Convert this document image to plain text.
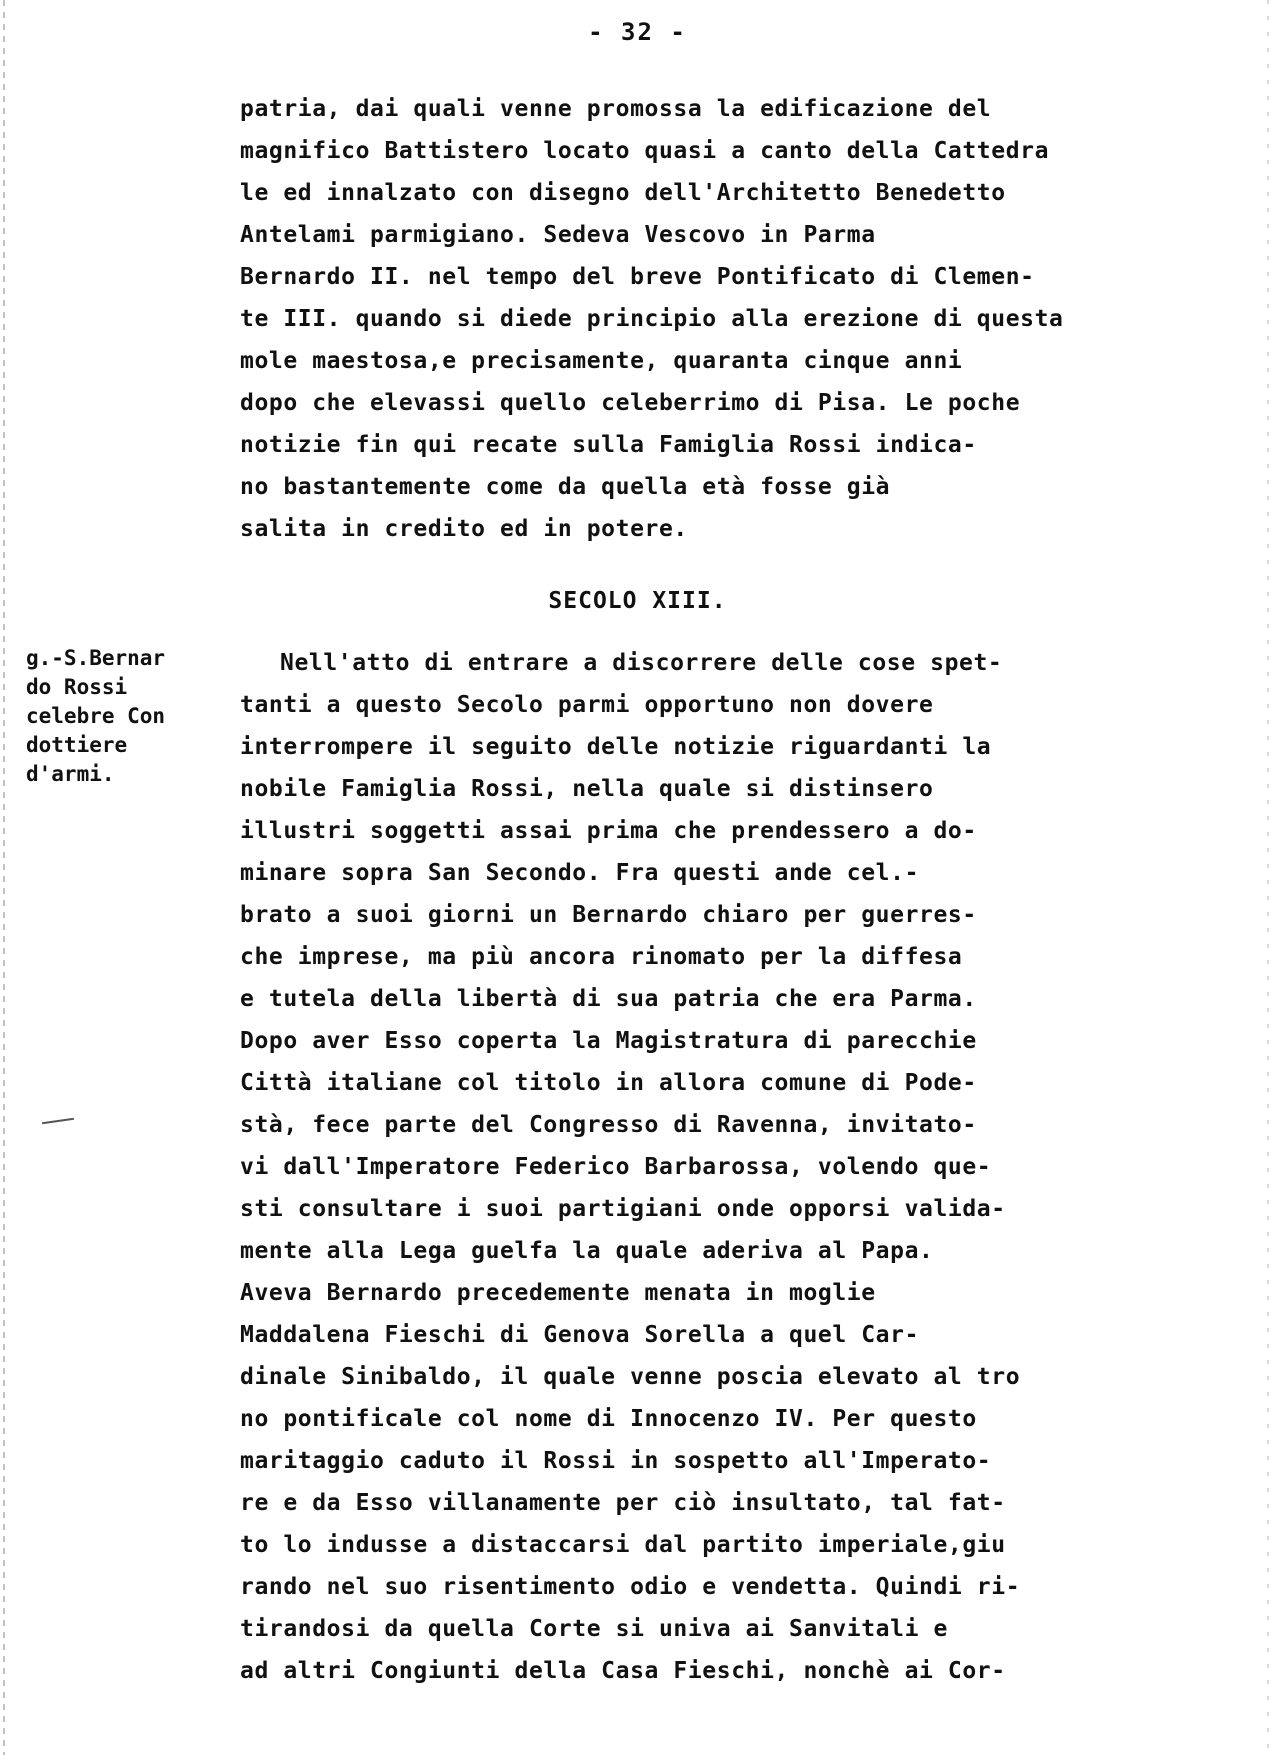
- 32 -
patria, dai quali venne promossa la edificazione del
magnifico Battistero locato quasi a canto della Cattedra
le ed innalzato con disegno dell'Architetto Benedetto
Antelami parmigiano. Sedeva Vescovo in Parma
Bernardo II. nel tempo del breve Pontificato di Clemen-
te III. quando si diede principio alla erezione di questa
mole maestosa,e precisamente, quaranta cinque anni
dopo che elevassi quello celeberrimo di Pisa. Le poche
notizie fin qui recate sulla Famiglia Rossi indica-
no bastantemente come da quella età fosse già
salita in credito ed in potere.
SECOLO XIII.
g.-S.Bernar
do Rossi
celebre Con
dottiere
d'armi.
Nell'atto di entrare a discorrere delle cose spet-
tanti a questo Secolo parmi opportuno non dovere
interrompere il seguito delle notizie riguardanti la
nobile Famiglia Rossi, nella quale si distinsero
illustri soggetti assai prima che prendessero a do-
minare sopra San Secondo. Fra questi ande cel.-
brato a suoi giorni un Bernardo chiaro per guerres-
che imprese, ma più ancora rinomato per la diffesa
e tutela della libertà di sua patria che era Parma.
Dopo aver Esso coperta la Magistratura di parecchie
Città italiane col titolo in allora comune di Pode-
stà, fece parte del Congresso di Ravenna, invitato-
vi dall'Imperatore Federico Barbarossa, volendo que-
sti consultare i suoi partigiani onde opporsi valida-
mente alla Lega guelfa la quale aderiva al Papa.
Aveva Bernardo precedemente menata in moglie
Maddalena Fieschi di Genova Sorella a quel Car-
dinale Sinibaldo, il quale venne poscia elevato al tro
no pontificale col nome di Innocenzo IV. Per questo
maritaggio caduto il Rossi in sospetto all'Imperato-
re e da Esso villanamente per ciò insultato, tal fat-
to lo indusse a distaccarsi dal partito imperiale,giu
rando nel suo risentimento odio e vendetta. Quindi ri-
tirandosi da quella Corte si univa ai Sanvitali e
ad altri Congiunti della Casa Fieschi, nonchè ai Cor-
